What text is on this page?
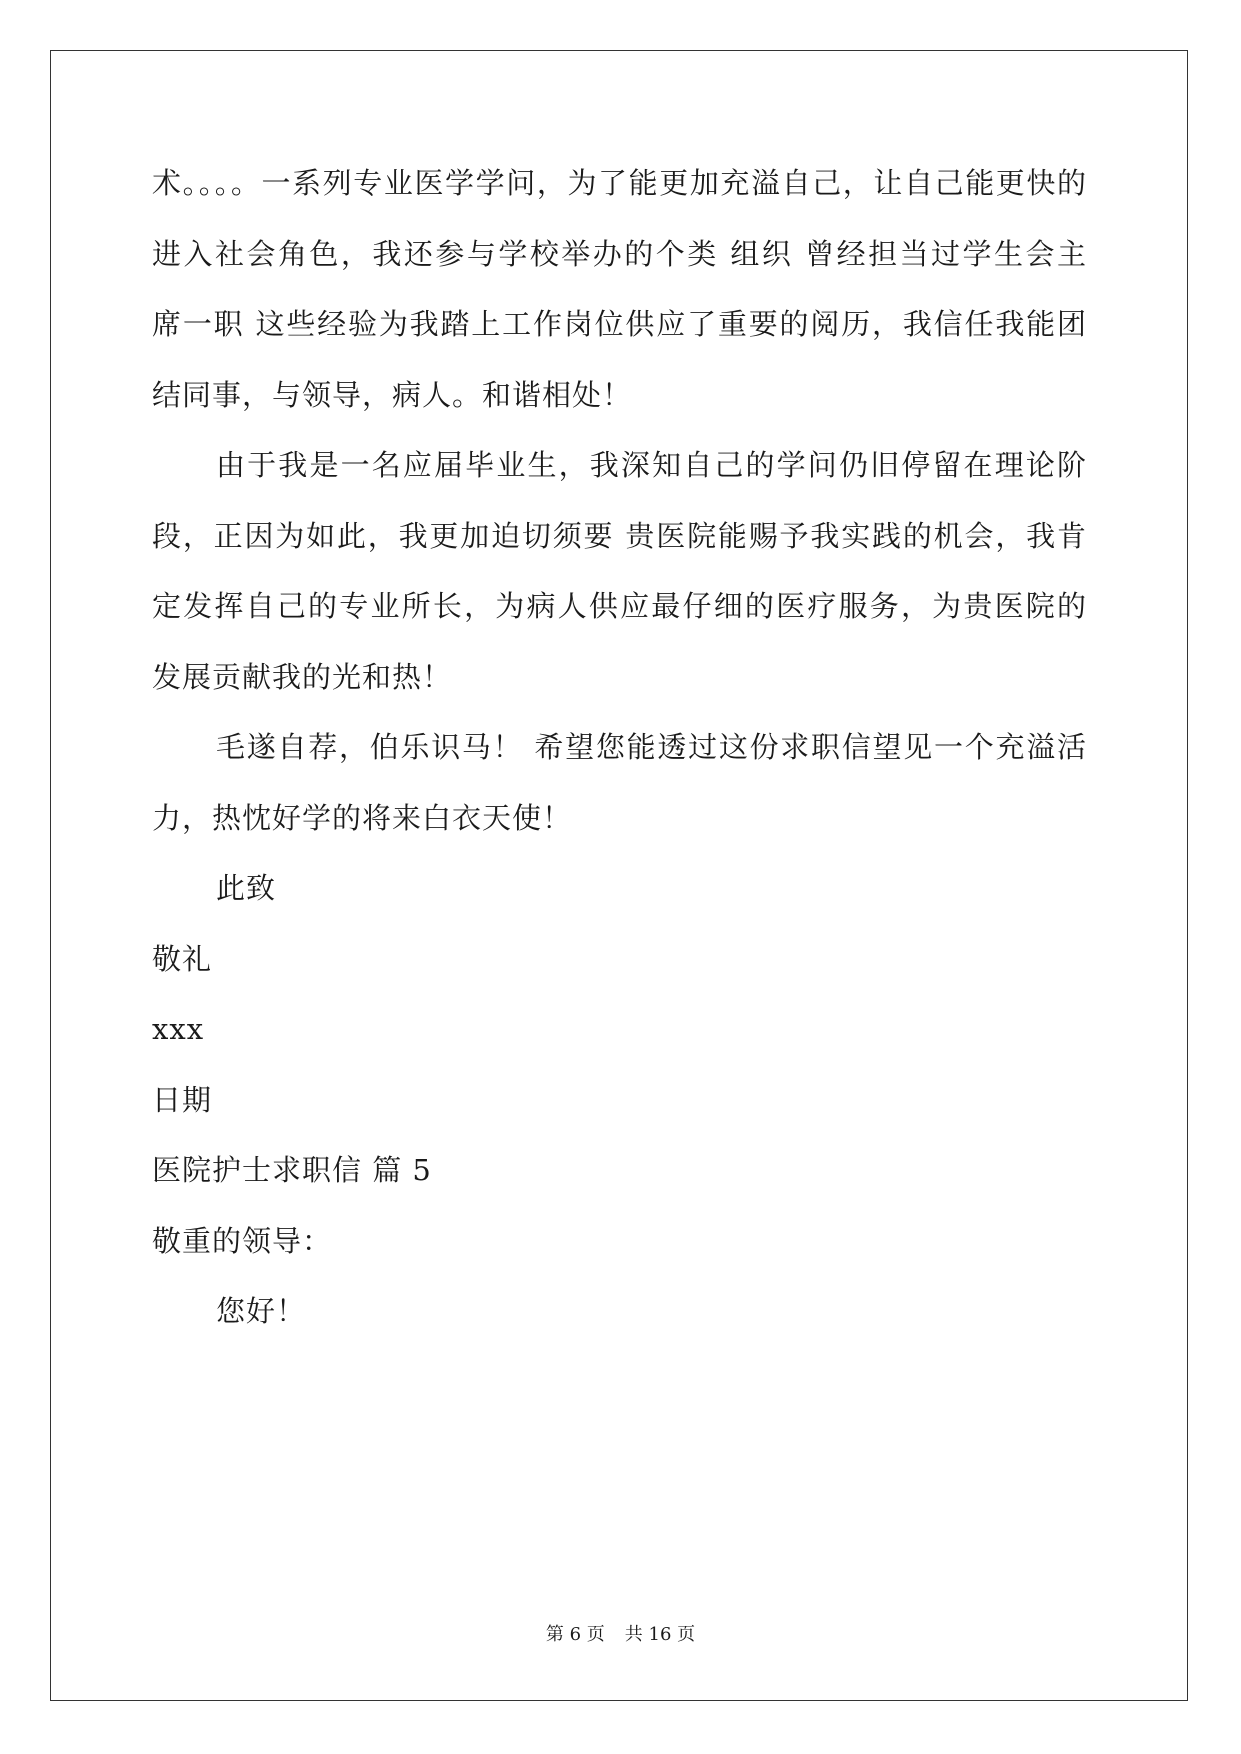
术。。。。一系列专业医学学问，为了能更加充溢自己，让自己能更快的
进入社会角色，我还参与学校举办的个类 组织 曾经担当过学生会主
席一职 这些经验为我踏上工作岗位供应了重要的阅历，我信任我能团
结同事，与领导，病人。和谐相处！
由于我是一名应届毕业生，我深知自己的学问仍旧停留在理论阶
段，正因为如此，我更加迫切须要 贵医院能赐予我实践的机会，我肯
定发挥自己的专业所长，为病人供应最仔细的医疗服务，为贵医院的
发展贡献我的光和热！
毛遂自荐，伯乐识马！ 希望您能透过这份求职信望见一个充溢活
力，热忱好学的将来白衣天使！
此致
敬礼
xxx
日期
医院护士求职信 篇 5
敬重的领导：
您好！
第 6 页 共 16 页
